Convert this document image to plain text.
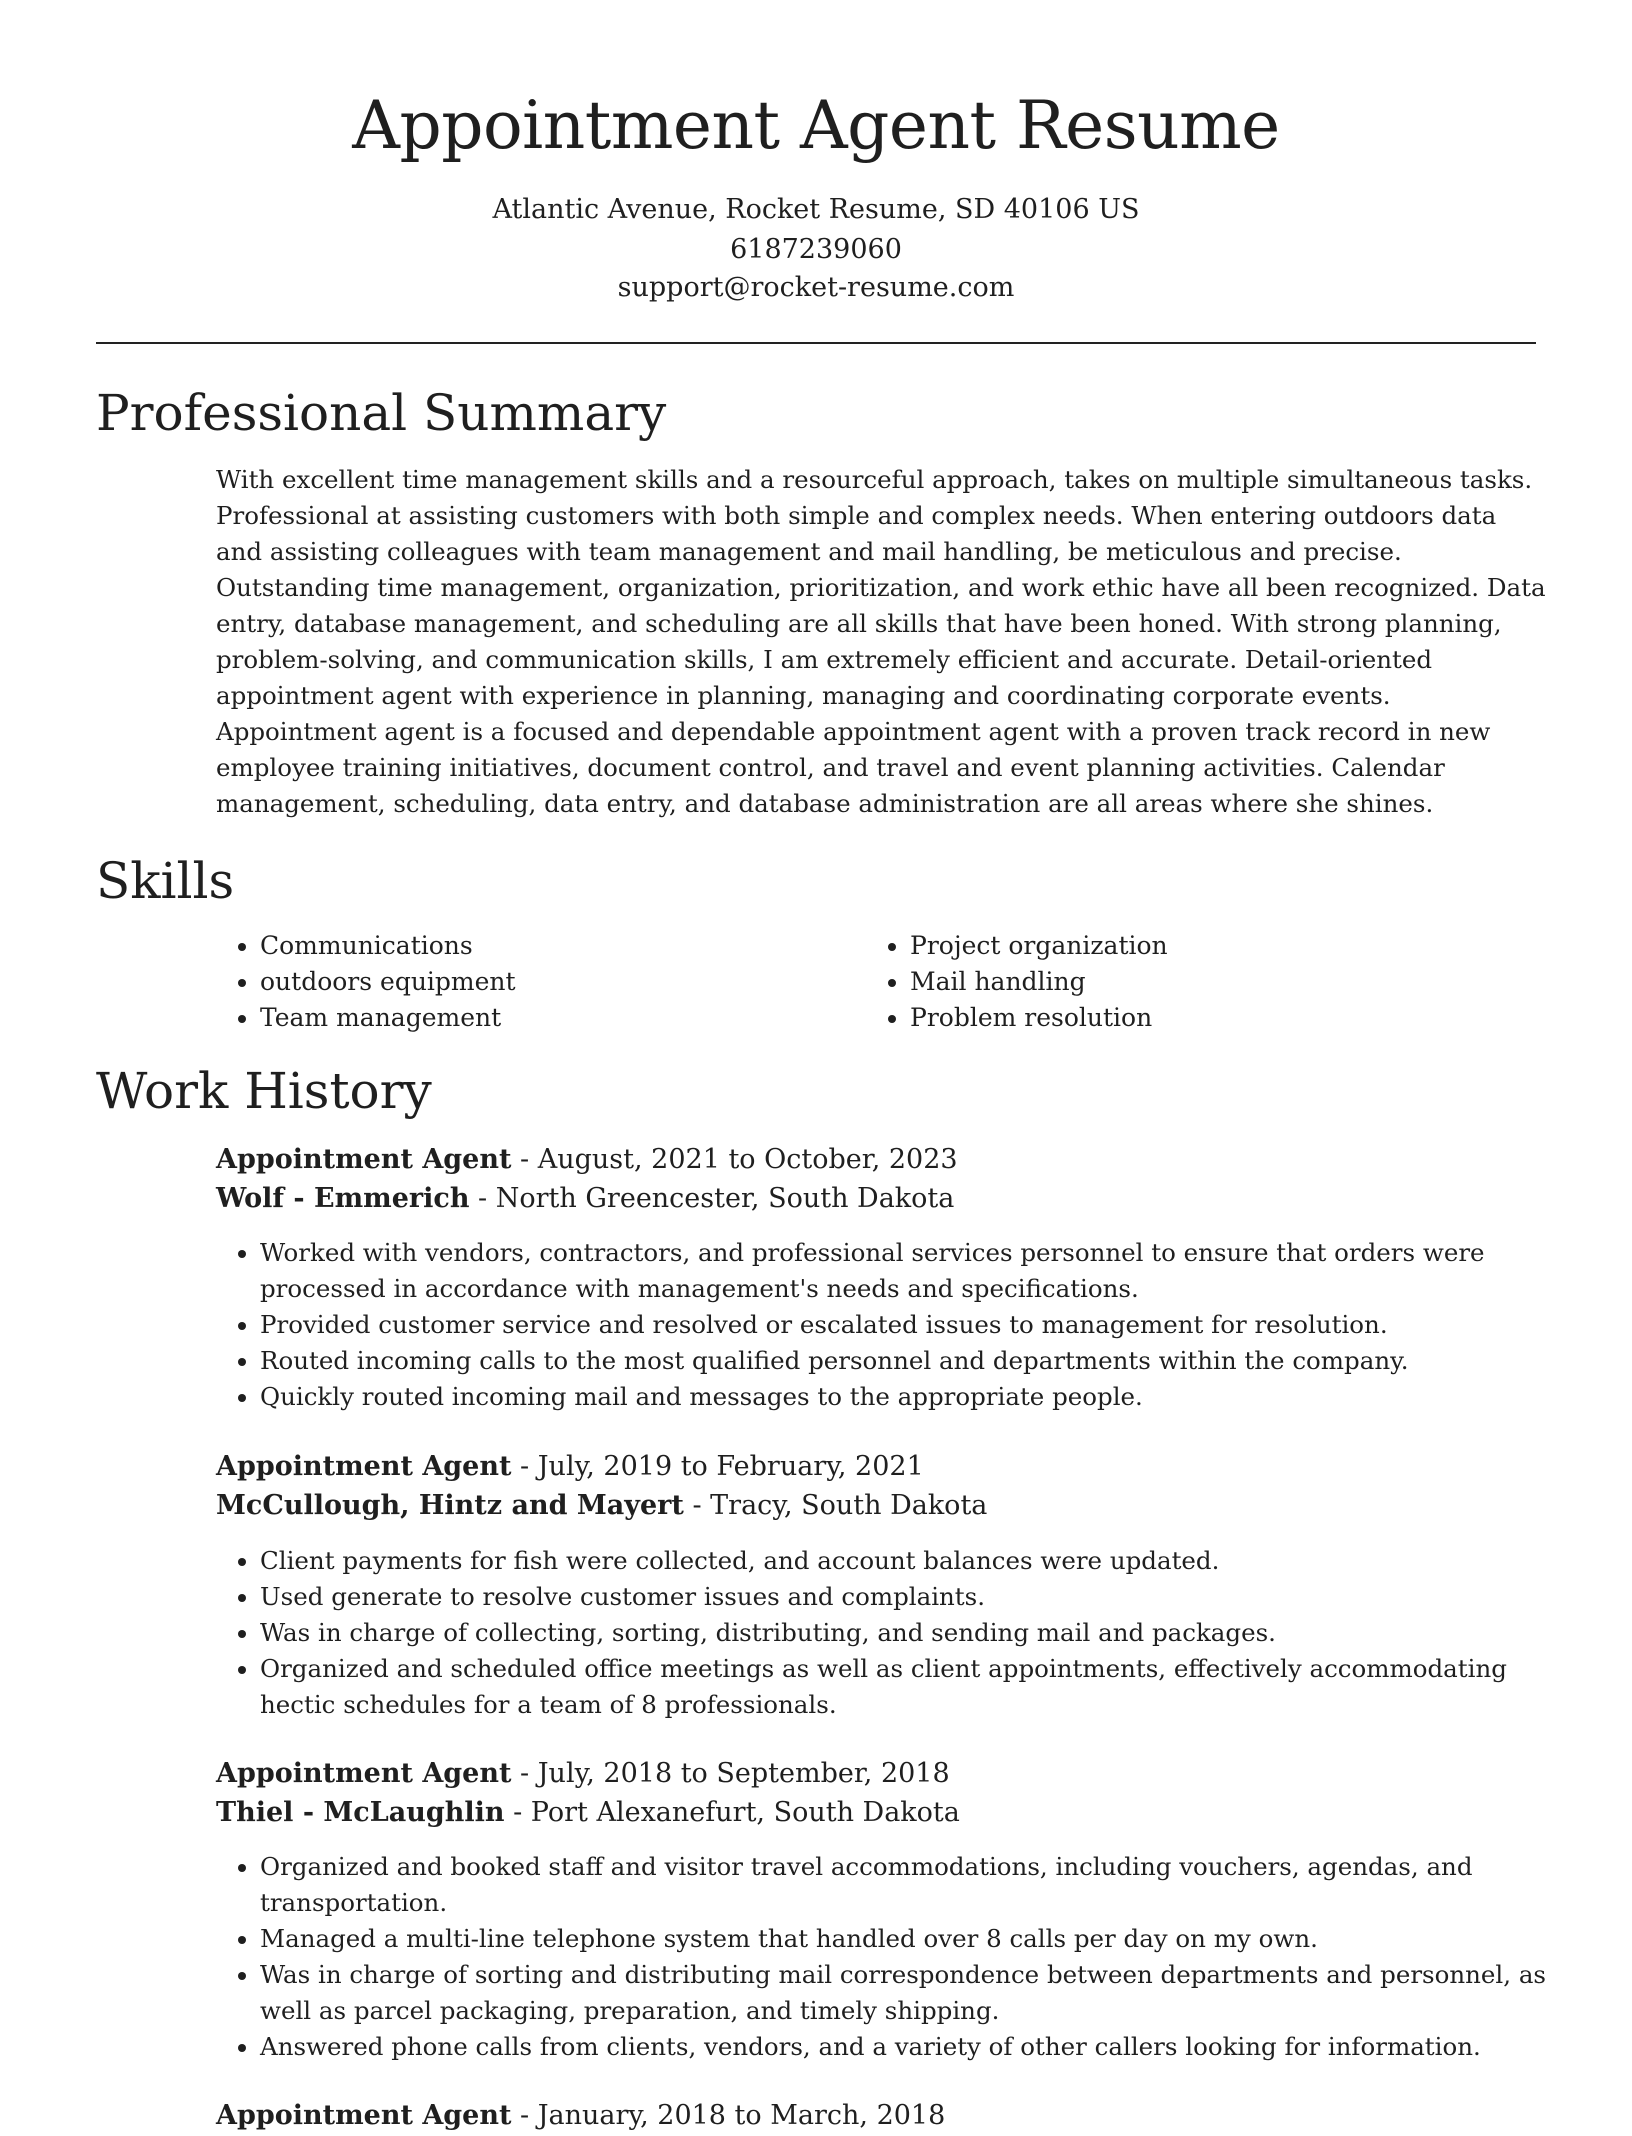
Appointment Agent Resume
Atlantic Avenue, Rocket Resume, SD 40106 US
6187239060
support@rocket-resume.com
Professional Summary

With excellent time management skills and a resourceful approach, takes on multiple simultaneous tasks. Professional at assisting customers with both simple and complex needs. When entering outdoors data and assisting colleagues with team management and mail handling, be meticulous and precise. Outstanding time management, organization, prioritization, and work ethic have all been recognized. Data entry, database management, and scheduling are all skills that have been honed. With strong planning, problem-solving, and communication skills, I am extremely efficient and accurate. Detail-oriented appointment agent with experience in planning, managing and coordinating corporate events. Appointment agent is a focused and dependable appointment agent with a proven track record in new employee training initiatives, document control, and travel and event planning activities. Calendar management, scheduling, data entry, and database administration are all areas where she shines.

Skills
• Communications
• outdoors equipment
• Team management
• Project organization
• Mail handling
• Problem resolution
Work History
Appointment Agent - August, 2021 to October, 2023
Wolf - Emmerich - North Greencester, South Dakota
• Worked with vendors, contractors, and professional services personnel to ensure that orders were processed in accordance with management's needs and specifications.
• Provided customer service and resolved or escalated issues to management for resolution.
• Routed incoming calls to the most qualified personnel and departments within the company.
• Quickly routed incoming mail and messages to the appropriate people.
Appointment Agent - July, 2019 to February, 2021
McCullough, Hintz and Mayert - Tracy, South Dakota
• Client payments for fish were collected, and account balances were updated.
• Used generate to resolve customer issues and complaints.
• Was in charge of collecting, sorting, distributing, and sending mail and packages.
• Organized and scheduled office meetings as well as client appointments, effectively accommodating hectic schedules for a team of 8 professionals.
Appointment Agent - July, 2018 to September, 2018
Thiel - McLaughlin - Port Alexanefurt, South Dakota
• Organized and booked staff and visitor travel accommodations, including vouchers, agendas, and transportation.
• Managed a multi-line telephone system that handled over 8 calls per day on my own.
• Was in charge of sorting and distributing mail correspondence between departments and personnel, as well as parcel packaging, preparation, and timely shipping.
• Answered phone calls from clients, vendors, and a variety of other callers looking for information.
Appointment Agent - January, 2018 to March, 2018
